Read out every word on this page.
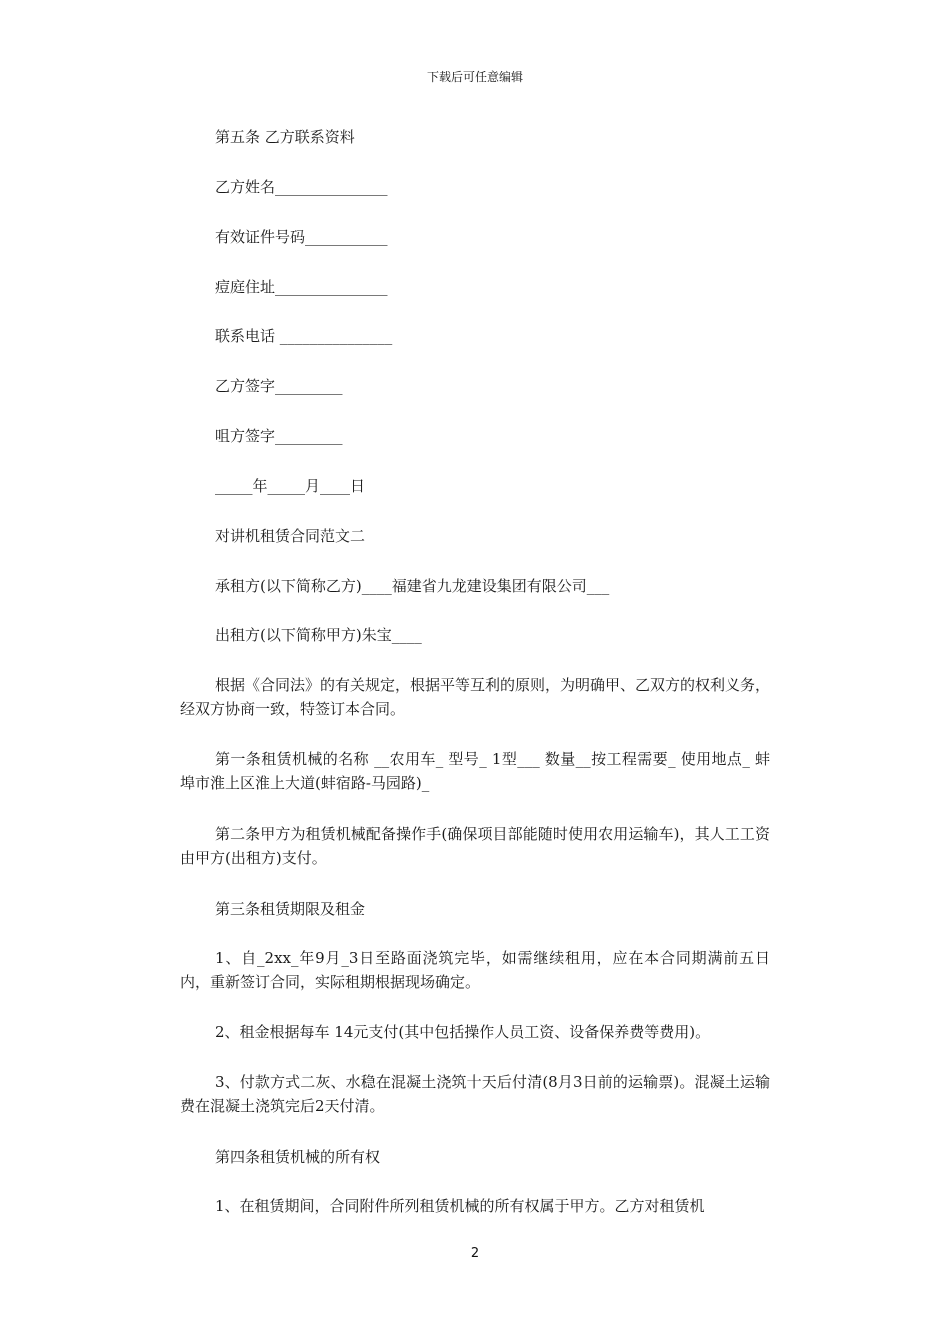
下载后可任意编辑
第五条 乙方联系资料
乙方姓名_______________
有效证件号码___________
痘庭住址_______________
联系电话 _______________
乙方签字_________
咀方签字_________
_____年_____月____日
对讲机租赁合同范文二
承租方(以下简称乙方)____福建省九龙建设集团有限公司___
出租方(以下简称甲方)朱宝____
根据《合同法》的有关规定，根据平等互利的原则，为明确甲、乙双方的权利义务，经双方协商一致，特签订本合同。
第一条租赁机械的名称 __农用车_ 型号_ 1型___ 数量__按工程需要_ 使用地点_ 蚌埠市淮上区淮上大道(蚌宿路-马园路)_
第二条甲方为租赁机械配备操作手(确保项目部能随时使用农用运输车)，其人工工资由甲方(出租方)支付。
第三条租赁期限及租金
1、自_2xx_年9月_3日至路面浇筑完毕，如需继续租用，应在本合同期满前五日内，重新签订合同，实际租期根据现场确定。
2、租金根据每车 14元支付(其中包括操作人员工资、设备保养费等费用)。
3、付款方式二灰、水稳在混凝土浇筑十天后付清(8月3日前的运输票)。混凝土运输费在混凝土浇筑完后2天付清。
第四条租赁机械的所有权
1、在租赁期间，合同附件所列租赁机械的所有权属于甲方。乙方对租赁机
2
